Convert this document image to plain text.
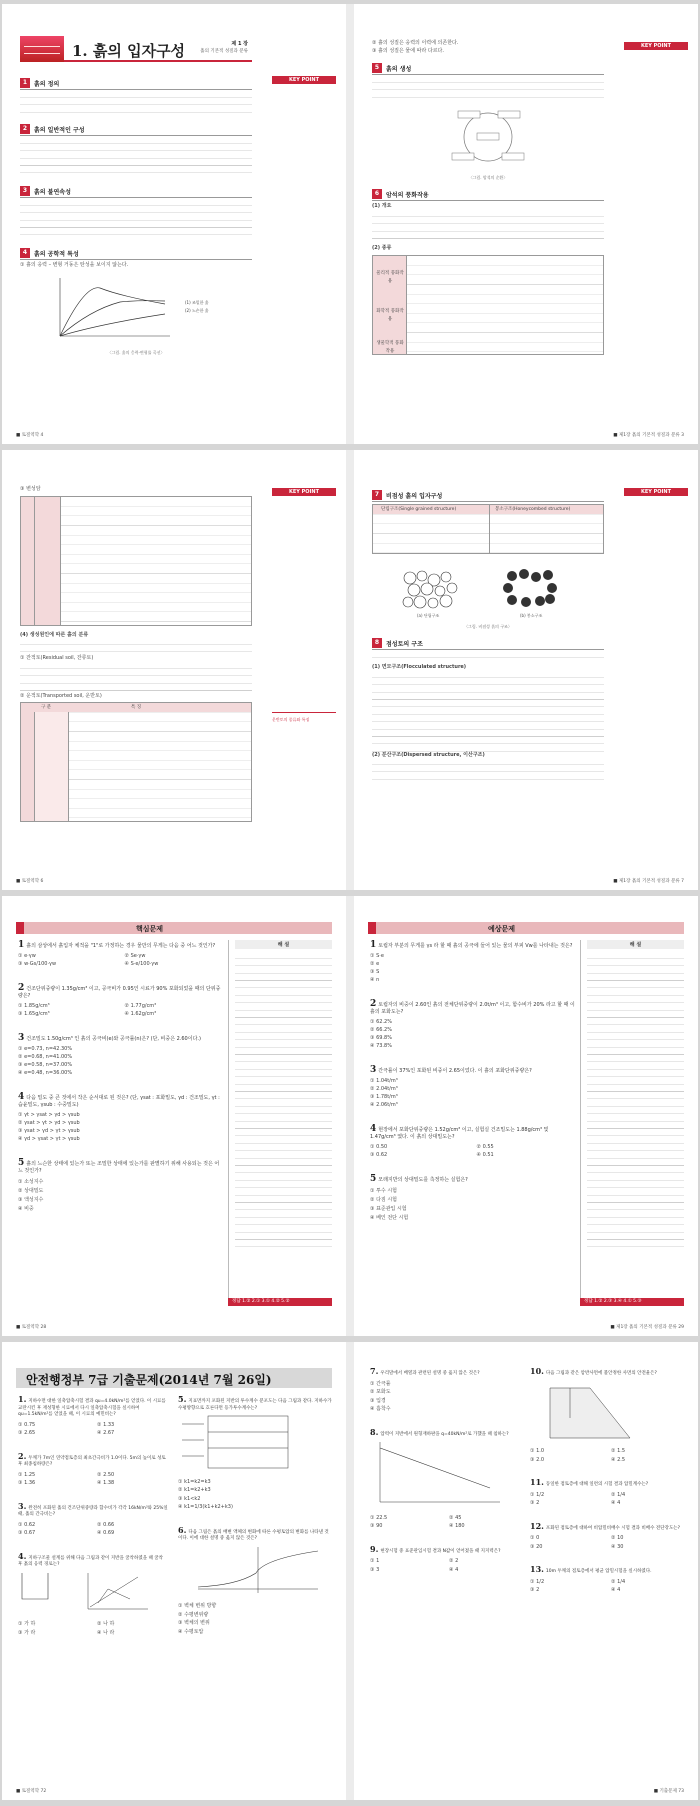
1. 흙의 입자구성	제 1 장
흙의 기본적 성질과 분류
KEY POINT
1	흙의 정의
2	흙의 일반적인 구성
3	흙의 불연속성
4	흙의 공학적 특성
① 흙의 응력 – 변형 거동은 탄성을 보이지 않는다.
(1) 조밀한 흙
(2) 느슨한 흙
〈그림. 흙의 응력-변형률 곡선〉
■ 토질역학 4
KEY POINT
② 흙의 성질은 응력의 이력에 의존한다.
③ 흙의 성질은 물에 따라 다르다.
5	흙의 생성
〈그림. 암석의 순환〉
6	암석의 풍화작용
(1) 개요
(2) 종류
물리적 풍화작용
화학적 풍화작용
생물학적 풍화작용
■ 제1장 흙의 기본적 성질과 분류 3
KEY POINT
③ 변성암
(4) 생성원인에 따른 흙의 분류
① 잔적토(Residual soil, 잔류토)
② 운적토(Transported soil, 운반토)
구 분	특 징
운반토의 종류와 특징
■ 토질역학 6
KEY POINT
7	비점성 흙의 입자구성
단립구조(Single grained structure)	봉소구조(Honeycombed structure)
(a) 단립구조	(b) 봉소구조
〈그림. 비점성 흙의 구조〉
8	점성토의 구조
(1) 면모구조(Flocculated structure)
(2) 분산구조(Dispersed structure, 이산구조)
■ 제1장 흙의 기본적 성질과 분류 7
핵심문제
1 흙의 삼상에서 흙입자 체적을 "1"로 가정하는 경우 물만의 무게는 다음 중 어느 것인가?
① e·γw	② Se·γw
③ w·Gs/100·γw	④ S·e/100·γw
2 건조단위중량이 1.35g/cm³ 이고, 공극비가 0.95인 시료가 90% 포화되었을 때의 단위중량은?
① 1.85g/cm³	② 1.77g/cm³
③ 1.65g/cm³	④ 1.62g/cm³
3 건조밀도 1.50g/cm³ 인 흙의 공극비(e)와 공극률(n)은? (단, 비중은 2.60이다.)
① e=0.73, n=42.30%
② e=0.68, n=41.00%
③ e=0.58, n=37.00%
④ e=0.48, n=36.00%
4 다음 밀도 중 큰 것에서 작은 순서대로 된 것은? (단, γsat : 포화밀도, γd : 건조밀도, γt : 습윤밀도, γsub : 수중밀도)
① γt > γsat > γd > γsub
② γsat > γt > γd > γsub
③ γsat > γd > γt > γsub
④ γd > γsat > γt > γsub
5 흙의 느슨한 상태에 있는가 또는 조밀한 상태에 있는가를 판별하기 위해 사용되는 것은 어느 것인가?
① 소성지수
② 상대밀도
③ 액성지수
④ 비중
해 설
정답 1.② 2.① 3.① 4.② 5.②
■ 토질역학 28
예상문제
1 토립자 부분의 무게를 γs 라 할 때 흙의 공극에 들어 있는 물의 부피 Vw를 나타내는 것은?
① S·e
② e
③ S
④ n
2 토립자의 비중이 2.60인 흙의 전체단위중량이 2.0t/m³ 이고, 함수비가 20% 라고 할 때 이 흙의 포화도는?
① 62.2%
② 66.2%
③ 69.8%
④ 73.8%
3 간극률이 37%인 포화된 비중이 2.65이었다. 이 흙의 포화단위중량은?
① 1.04t/m³
② 2.04t/m³
③ 1.78t/m³
④ 2.06t/m³
4 현장에서 포화단위중량은 1.52g/cm³ 이고, 실험실 건조밀도는 1.88g/cm³ 및 1.47g/cm³ 였다. 이 흙의 상대밀도는?
① 0.50	② 0.55
③ 0.62	④ 0.51
5 모래지반의 상대밀도를 측정하는 실험은?
① 투수 시험
② 다짐 시험
③ 표준관입 시험
④ 베인 전단 시험
해 설
정답 1.② 2.③ 3.④ 4.① 5.③
■ 제1장 흙의 기본적 성질과 분류 29
안전행정부 7급 기출문제(2014년 7월 26일)
1. 지하수면 대한 일축압축시험 결과 qu=4.0kN/m²를 얻었다. 이 시료를 교란시킨 후 재성형한 시료에서 다시 일축압축시험을 실시하여 qu=1.5kN/m²를 얻었을 때, 이 시료의 예민비는?
① 0.75	② 1.33
③ 2.65	④ 2.67
2. 두께가 7m인 연약점토층의 최초간극비가 1.0이다. 5m의 높이로 성토 후 최종침하량은?
① 1.25	② 2.50
③ 1.36	④ 1.38
3. 완전히 포화된 흙의 건조단위중량과 함수비가 각각 16kN/m³와 25%일 때, 흙의 간극비는?
① 0.62	② 0.66
③ 0.67	④ 0.69
4. 지하구조물 설계를 위해 다음 그림과 같이 지반을 굴착하였을 때 굴착 후 흙의 응력 경로는?
① 가 하	② 나 하
③ 가 라	④ 나 라
5. 지표면까지 포화된 지반의 투수계수 분포도는 다음 그림과 같다. 지하수가 수평방향으로 흐른다면 등가투수계수는?
① k1=k2=k3
② k1=k2+k3
③ k1<k2
④ k1=1/3(k1+k2+k3)
6. 다음 그림은 흙의 배변 액체의 변화에 따른 수평토압의 변화를 나타낸 것이다. 이에 대한 설명 중 옳지 않은 것은?
① 벽체 변위 방향
② 수평변위량
③ 벽체의 변위
④ 수평토압
■ 토질역학 72
7. 우리말에서 배열과 관련된 설명 중 옳지 않은 것은?
① 간극률
② 포화도
③ 입경
④ 흡착수
8. 압력이 지반에서 원형재하판을 q=40kN/m²로 가했을 때 침하는?
① 22.5	② 45
③ 90	④ 180
9. 현장시험 중 표준관입시험 결과 N값이 얻어졌을 때 지지력은?
① 1	② 2
③ 3	④ 4
10. 다음 그림과 같은 암반사면에 불안정한 사면의 안전율은?
① 1.0	② 1.5
③ 2.0	④ 2.5
11. 동일한 점토층에 대해 일련의 시험 결과 압밀계수는?
① 1/2	② 1/4
③ 2	④ 4
12. 포화된 점토층에 대하여 비압밀비배수 시험 결과 비배수 전단강도는?
① 0	② 10
③ 20	④ 30
13. 10m 두께의 점토층에서 평균 압밀시험을 실시하였다.
① 1/2	② 1/4
③ 2	④ 4
■ 기출문제 73
